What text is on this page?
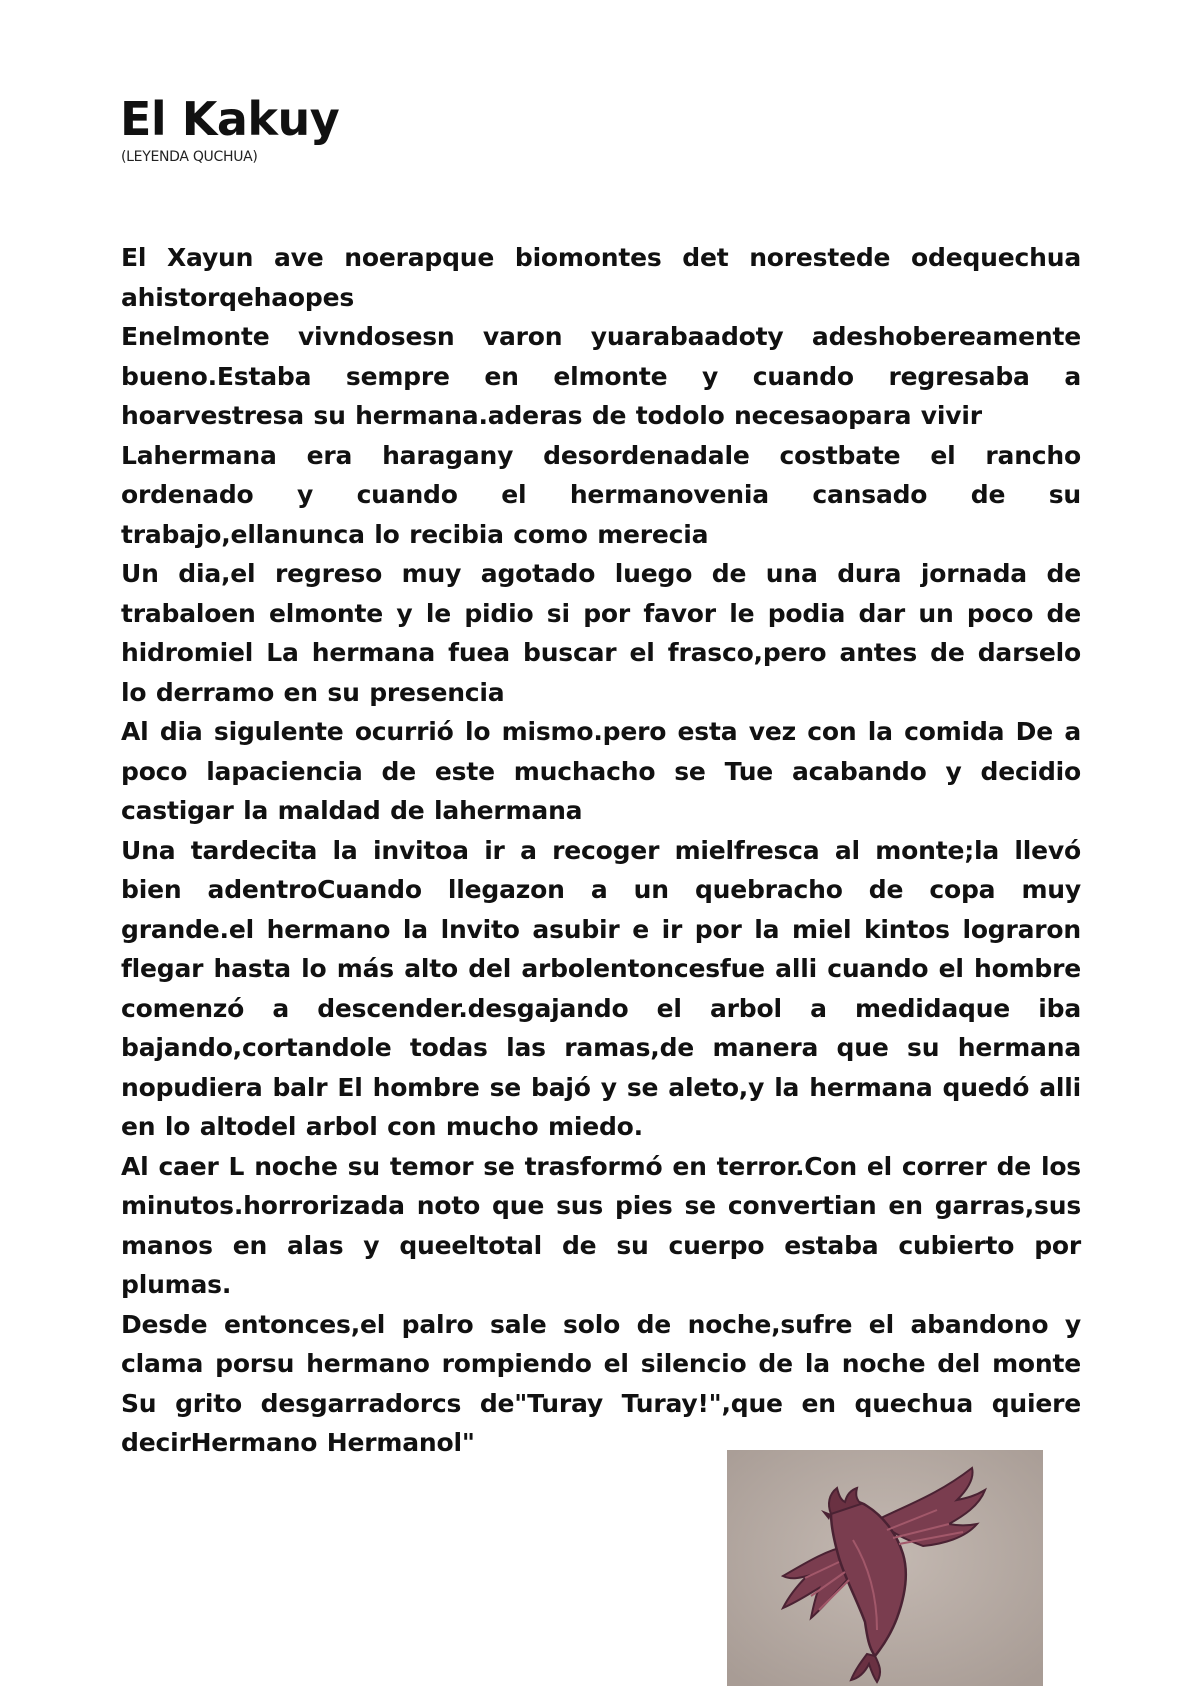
El Kakuy
(LEYENDA QUCHUA)

El Xayun ave noerapque biomontes det norestede odequechua ahistorqehaopes

Enelmonte vivndosesn varon yuarabaadoty adeshobereamente bueno.Estaba sempre en elmonte y cuando regresaba a hoarvestresa su hermana.aderas de todolo necesaopara vivir

Lahermana era haragany desordenadale costbate el rancho ordenado y cuando el hermanovenia cansado de su trabajo,ellanunca lo recibia como merecia

Un dia,el regreso muy agotado luego de una dura jornada de trabaloen elmonte y le pidio si por favor le podia dar un poco de hidromiel La hermana fuea buscar el frasco,pero antes de darselo lo derramo en su presencia

Al dia sigulente ocurrió lo mismo.pero esta vez con la comida De a poco lapaciencia de este muchacho se Tue acabando y decidio castigar la maldad de lahermana

Una tardecita la invitoa ir a recoger mielfresca al monte;la llevó bien adentroCuando llegazon a un quebracho de copa muy grande.el hermano la lnvito asubir e ir por la miel kintos lograron flegar hasta lo más alto del arbolentoncesfue alli cuando el hombre comenzó a descender.desgajando el arbol a medidaque iba bajando,cortandole todas las ramas,de manera que su hermana nopudiera balr El hombre se bajó y se aleto,y la hermana quedó alli en lo altodel arbol con mucho miedo.

Al caer L noche su temor se trasformó en terror.Con el correr de los minutos.horrorizada noto que sus pies se convertian en garras,sus manos en alas y queeltotal de su cuerpo estaba cubierto por plumas.

Desde entonces,el palro sale solo de noche,sufre el abandono y clama porsu hermano rompiendo el silencio de la noche del monte Su grito desgarradorcs de"Turay Turay!",que en quechua quiere decirHermano Hermanol"
